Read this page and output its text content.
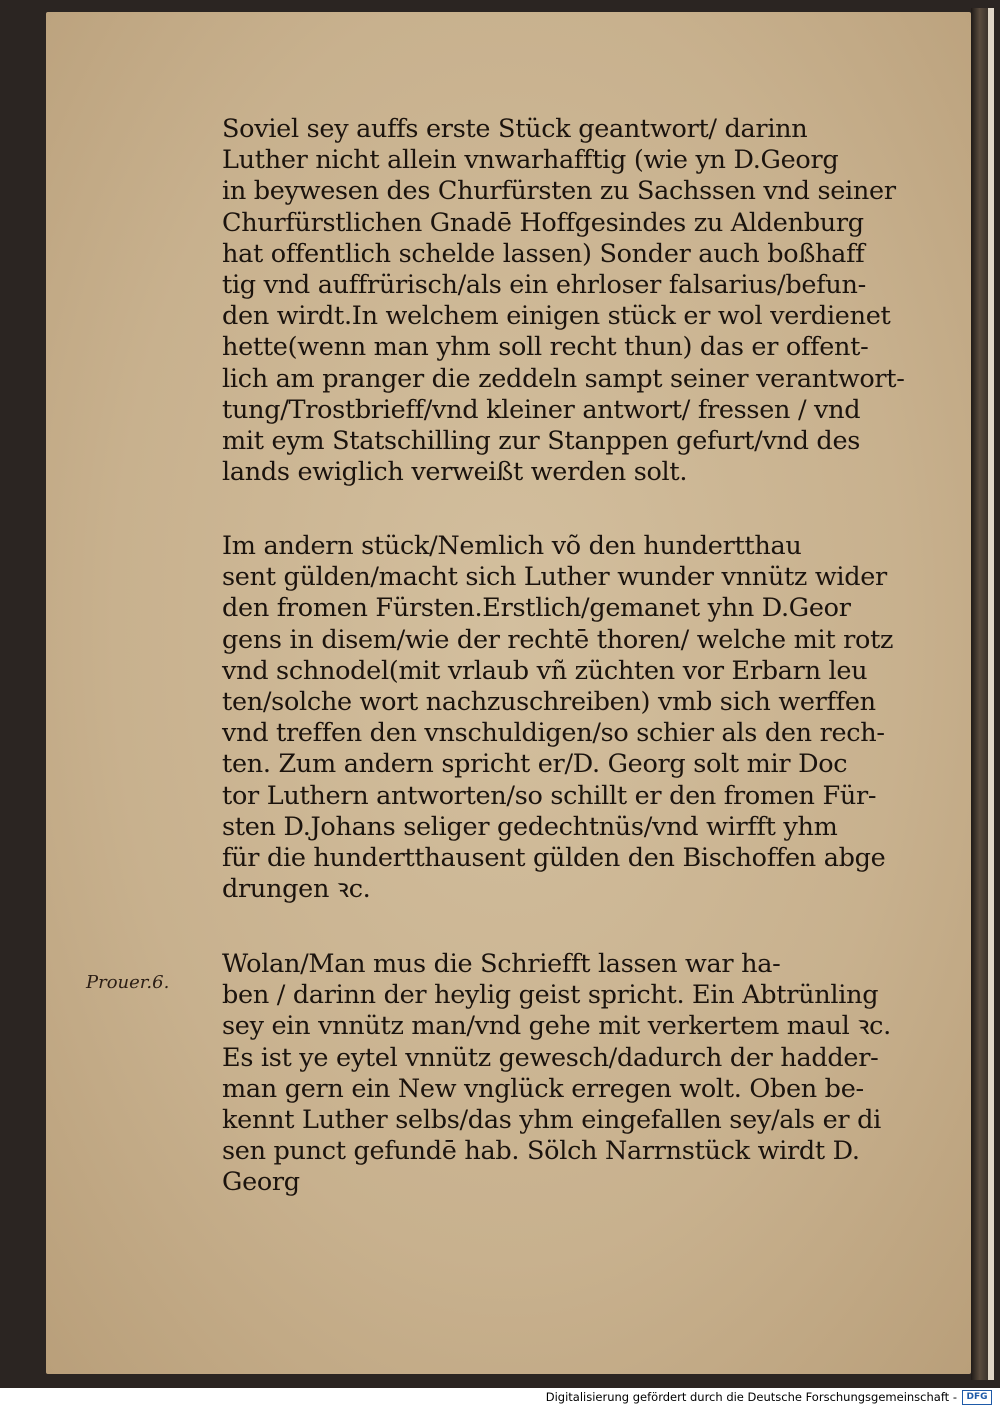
Soviel sey auffs erste Stück geantwort/ darinn
Luther nicht allein vnwarhafftig (wie yn D.Georg
in beywesen des Churfürsten zu Sachssen vnd seiner
Churfürstlichen Gnadē Hoffgesindes zu Aldenburg
hat offentlich schelde lassen) Sonder auch boßhaff
tig vnd auffrürisch/als ein ehrloser falsarius/befun-
den wirdt.In welchem einigen stück er wol verdienet
hette(wenn man yhm soll recht thun) das er offent-
lich am pranger die zeddeln sampt seiner verantwort-
tung/Trostbrieff/vnd kleiner antwort/ fressen / vnd
mit eym Statschilling zur Stanppen gefurt/vnd des
lands ewiglich verweißt werden solt.

Im andern stück/Nemlich võ den hundertthau
sent gülden/macht sich Luther wunder vnnütz wider
den fromen Fürsten.Erstlich/gemanet yhn D.Geor
gens in disem/wie der rechtē thoren/ welche mit rotz
vnd schnodel(mit vrlaub vñ züchten vor Erbarn leu
ten/solche wort nachzuschreiben) vmb sich werffen
vnd treffen den vnschuldigen/so schier als den rech-
ten. Zum andern spricht er/D. Georg solt mir Doc
tor Luthern antworten/so schillt er den fromen Für-
sten D.Johans seliger gedechtnüs/vnd wirfft yhm
für die hundertthausent gülden den Bischoffen abge
drungen ꝛc.

Prouer.6.

Wolan/Man mus die Schriefft lassen war ha-
ben / darinn der heylig geist spricht. Ein Abtrünling
sey ein vnnütz man/vnd gehe mit verkertem maul ꝛc.
Es ist ye eytel vnnütz gewesch/dadurch der hadder-
man gern ein New vnglück erregen wolt. Oben be-
kennt Luther selbs/das yhm eingefallen sey/als er di
sen punct gefundē hab. Sölch Narrnstück wirdt D.
Georg

Digitalisierung gefördert durch die Deutsche Forschungsgemeinschaft -	DFG
